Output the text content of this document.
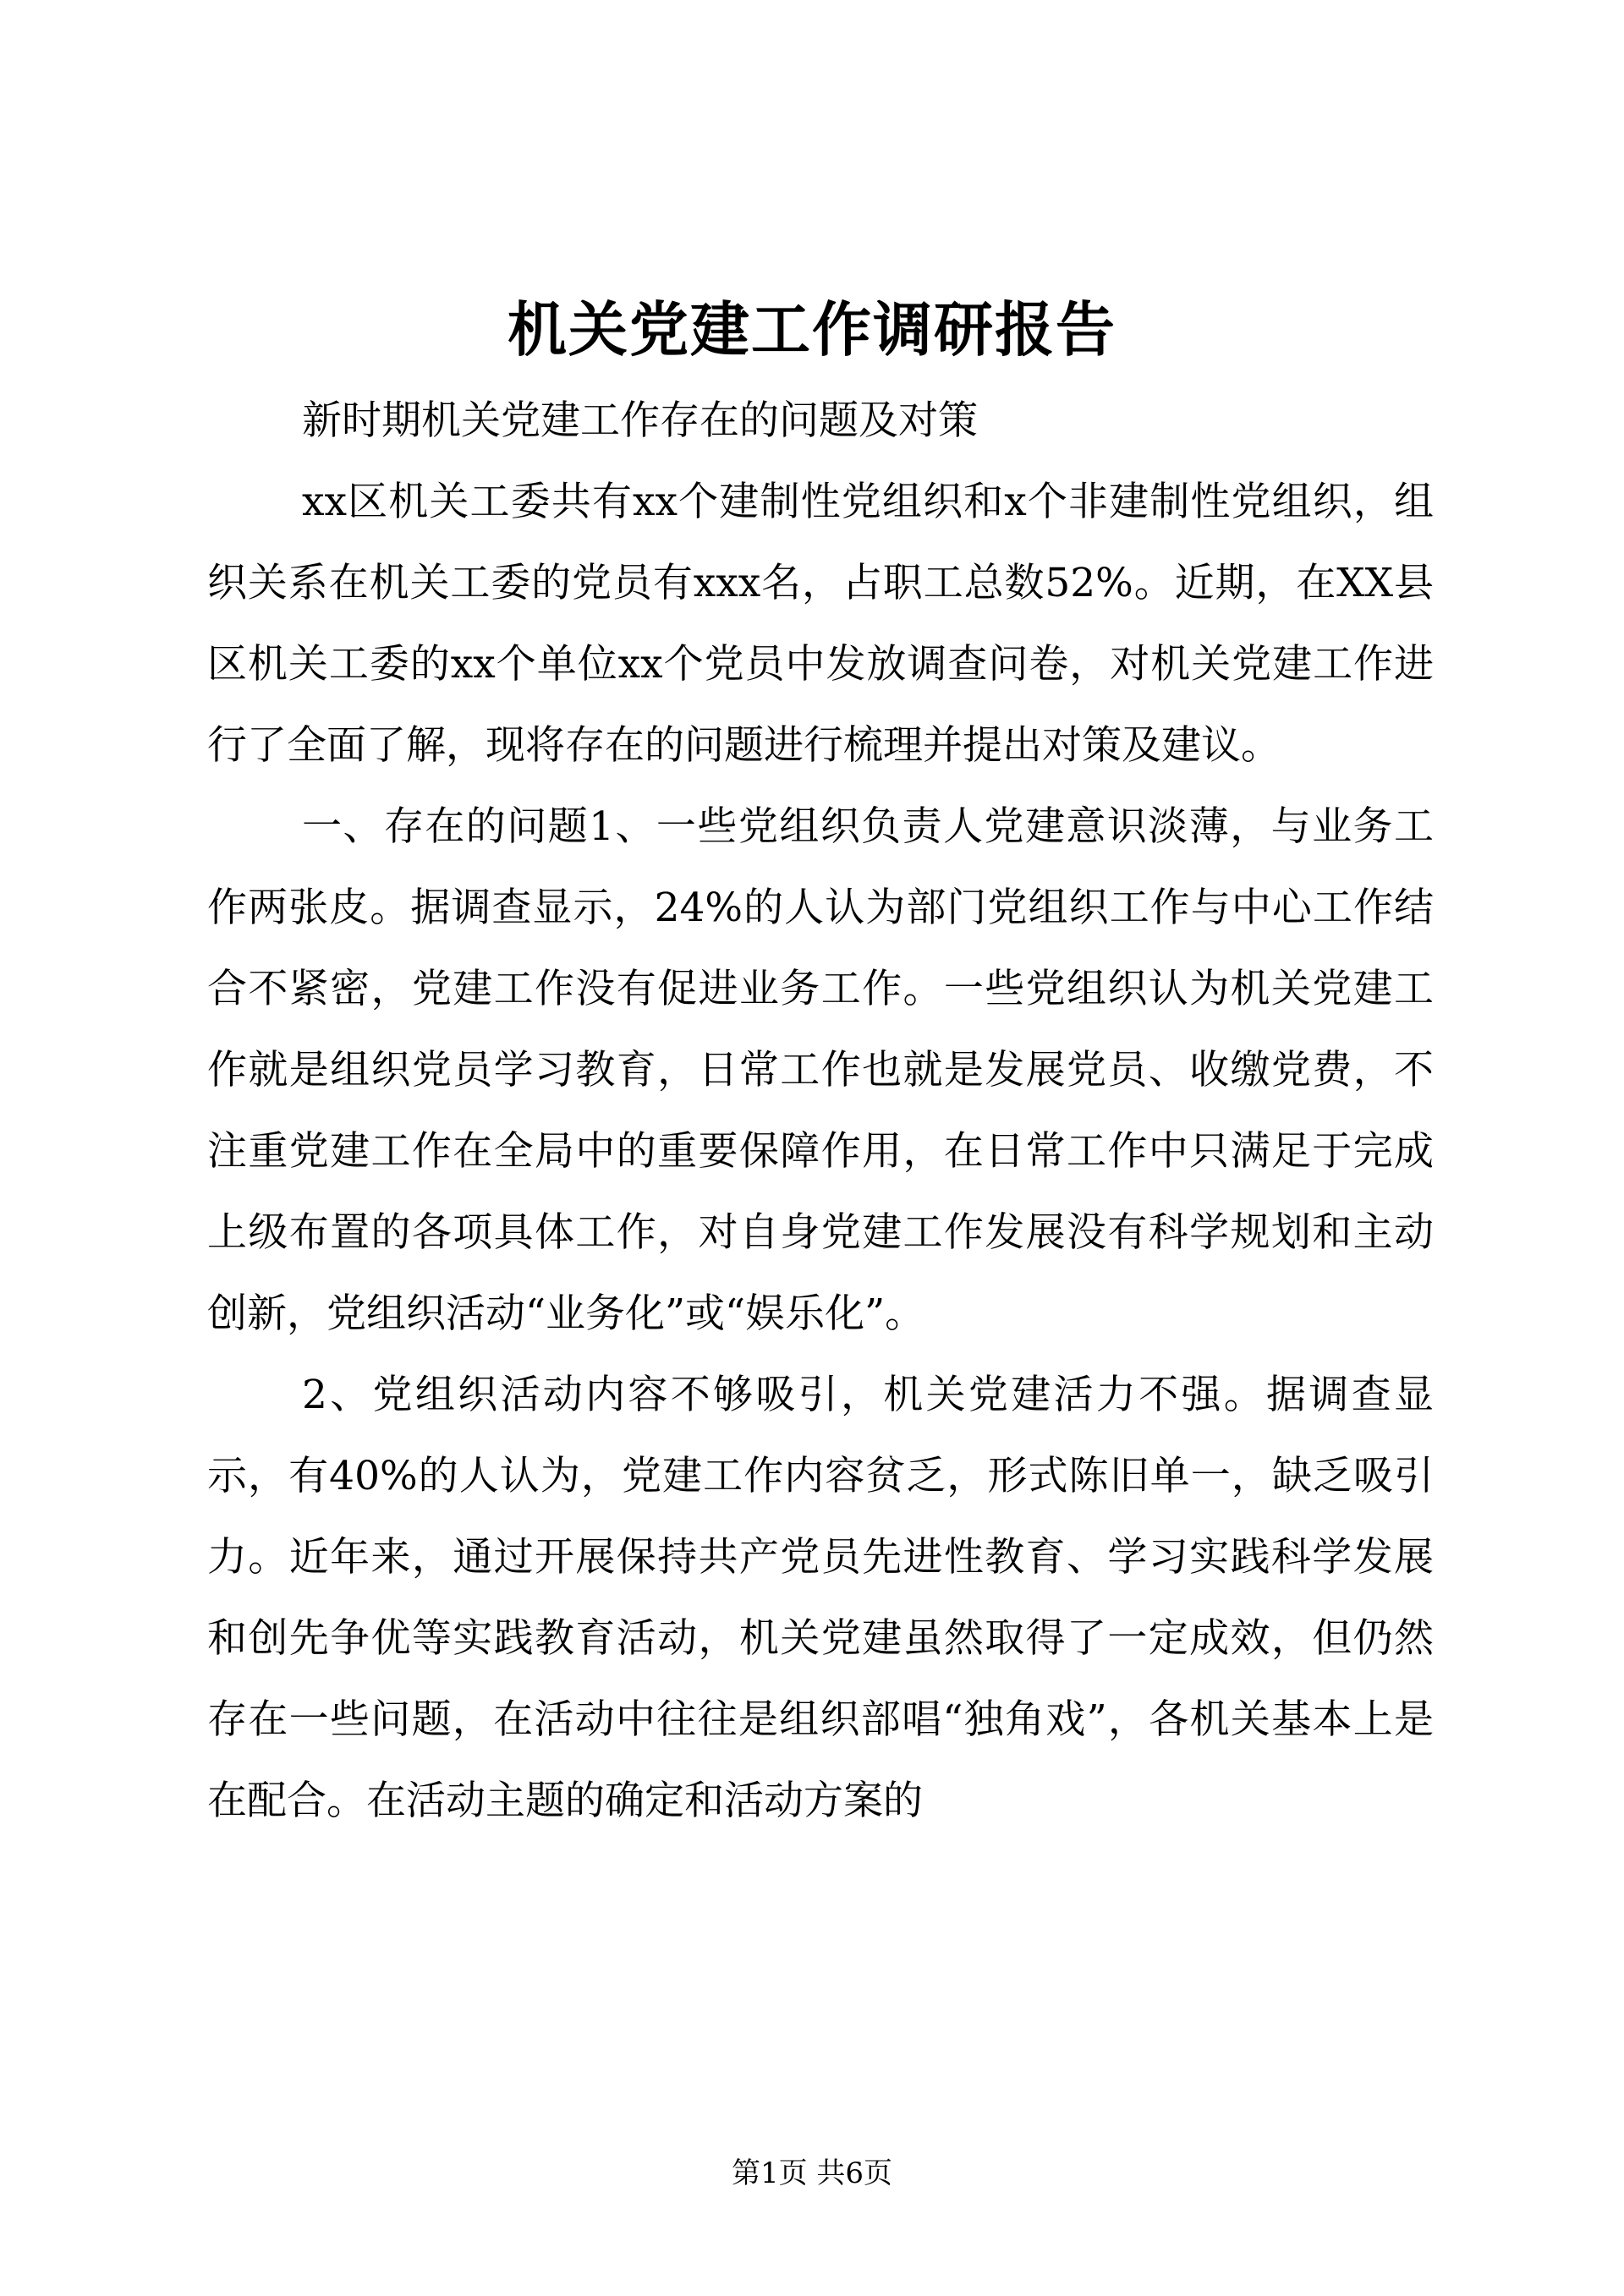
机关党建工作调研报告

新时期机关党建工作存在的问题及对策

xx区机关工委共有xx个建制性党组织和x个非建制性党组织，组织关系在机关工委的党员有xxx名，占职工总数52%。近期，在XX县区机关工委的xx个单位xx个党员中发放调查问卷，对机关党建工作进行了全面了解，现将存在的问题进行梳理并提出对策及建议。

一、存在的问题1、一些党组织负责人党建意识淡薄，与业务工作两张皮。据调查显示，24%的人认为部门党组织工作与中心工作结合不紧密，党建工作没有促进业务工作。一些党组织认为机关党建工作就是组织党员学习教育，日常工作也就是发展党员、收缴党费，不注重党建工作在全局中的重要保障作用，在日常工作中只满足于完成上级布置的各项具体工作，对自身党建工作发展没有科学规划和主动创新，党组织活动“业务化”或“娱乐化”。

2、党组织活动内容不够吸引，机关党建活力不强。据调查显示，有40%的人认为，党建工作内容贫乏，形式陈旧单一，缺乏吸引力。近年来，通过开展保持共产党员先进性教育、学习实践科学发展和创先争优等实践教育活动，机关党建虽然取得了一定成效，但仍然存在一些问题，在活动中往往是组织部唱“独角戏”，各机关基本上是在配合。在活动主题的确定和活动方案的

第1页 共6页
